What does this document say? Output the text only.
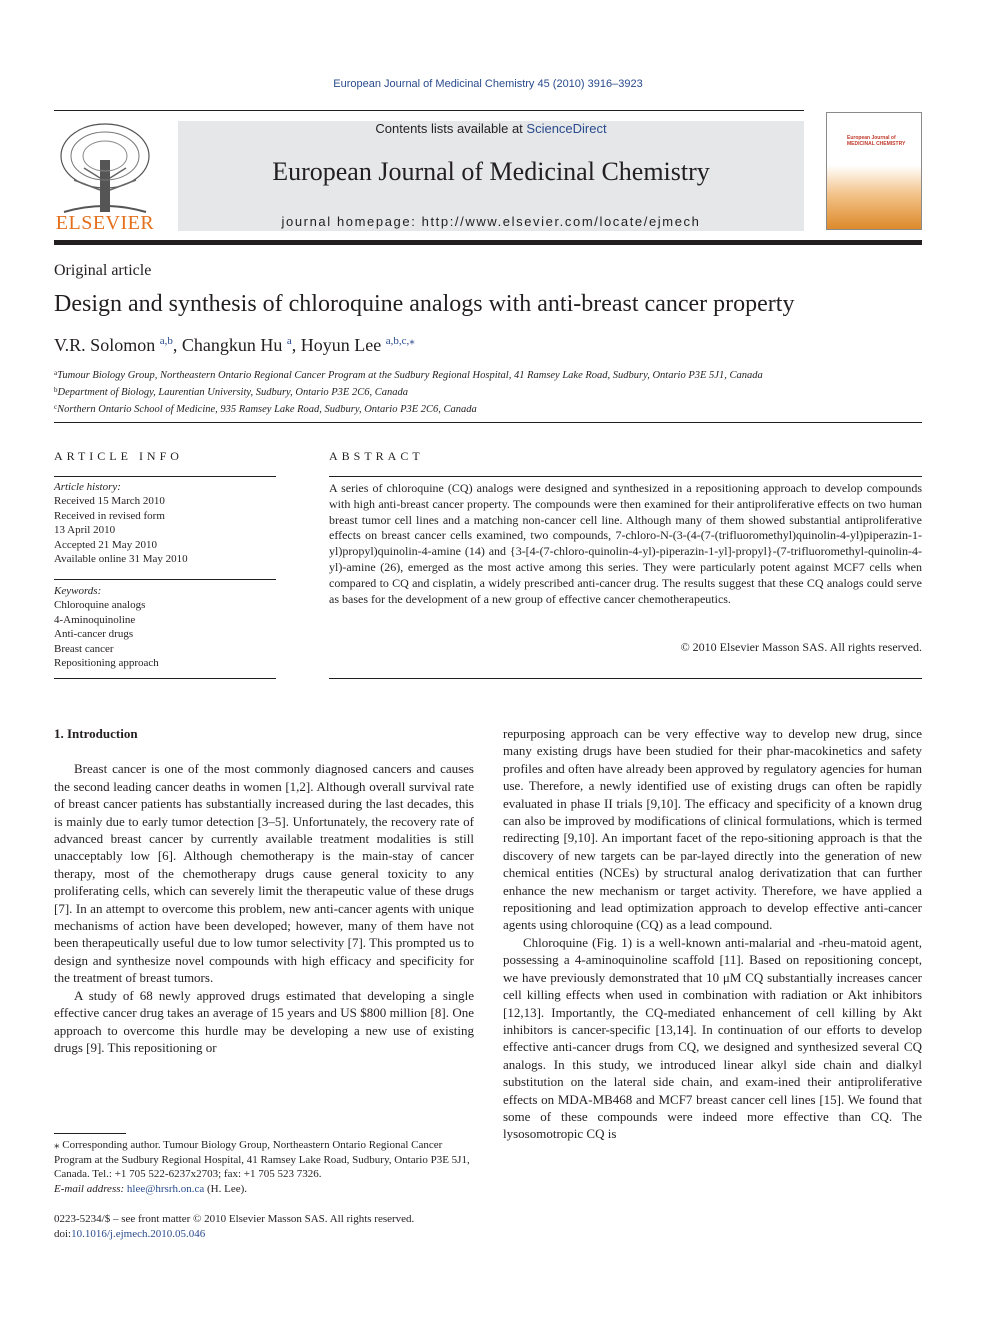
European Journal of Medicinal Chemistry 45 (2010) 3916–3923
ELSEVIER
Contents lists available at ScienceDirect
European Journal of Medicinal Chemistry
journal homepage: http://www.elsevier.com/locate/ejmech
European Journal of MEDICINAL CHEMISTRY
Original article
Design and synthesis of chloroquine analogs with anti-breast cancer property
V.R. Solomon $^{a,b}$, Changkun Hu $^a$, Hoyun Lee $^{a,b,c,⁎}$
$^a$Tumour Biology Group, Northeastern Ontario Regional Cancer Program at the Sudbury Regional Hospital, 41 Ramsey Lake Road, Sudbury, Ontario P3E 5J1, Canada
$^b$Department of Biology, Laurentian University, Sudbury, Ontario P3E 2C6, Canada
$^c$Northern Ontario School of Medicine, 935 Ramsey Lake Road, Sudbury, Ontario P3E 2C6, Canada
ARTICLE INFO	ABSTRACT
Article history:
Received 15 March 2010
Received in revised form
13 April 2010
Accepted 21 May 2010
Available online 31 May 2010
Keywords:
Chloroquine analogs
4-Aminoquinoline
Anti-cancer drugs
Breast cancer
Repositioning approach
A series of chloroquine (CQ) analogs were designed and synthesized in a repositioning approach to develop compounds with high anti-breast cancer property. The compounds were then examined for their antiproliferative effects on two human breast tumor cell lines and a matching non-cancer cell line. Although many of them showed substantial antiproliferative effects on breast cancer cells examined, two compounds, 7-chloro-N-(3-(4-(7-(trifluoromethyl)quinolin-4-yl)piperazin-1-yl)propyl)quinolin-4-amine (14) and {3-[4-(7-chloro-quinolin-4-yl)-piperazin-1-yl]-propyl}-(7-trifluoromethyl-quinolin-4-yl)-amine (26), emerged as the most active among this series. They were particularly potent against MCF7 cells when compared to CQ and cisplatin, a widely prescribed anti-cancer drug. The results suggest that these CQ analogs could serve as bases for the development of a new group of effective cancer chemotherapeutics.
© 2010 Elsevier Masson SAS. All rights reserved.
1. Introduction

Breast cancer is one of the most commonly diagnosed cancers and causes the second leading cancer deaths in women [1,2]. Although overall survival rate of breast cancer patients has substantially increased during the last decades, this is mainly due to early tumor detection [3–5]. Unfortunately, the recovery rate of advanced breast cancer by currently available treatment modalities is still unacceptably low [6]. Although chemotherapy is the main-stay of cancer therapy, most of the chemotherapy drugs cause general toxicity to any proliferating cells, which can severely limit the therapeutic value of these drugs [7]. In an attempt to overcome this problem, new anti-cancer agents with unique mechanisms of action have been developed; however, many of them have not been therapeutically useful due to low tumor selectivity [7]. This prompted us to design and synthesize novel compounds with high efficacy and specificity for the treatment of breast tumors.

A study of 68 newly approved drugs estimated that developing a single effective cancer drug takes an average of 15 years and US $800 million [8]. One approach to overcome this hurdle may be developing a new use of existing drugs [9]. This repositioning or

repurposing approach can be very effective way to develop new drug, since many existing drugs have been studied for their phar-macokinetics and safety profiles and often have already been approved by regulatory agencies for human use. Therefore, a newly identified use of existing drugs can often be rapidly evaluated in phase II trials [9,10]. The efficacy and specificity of a known drug can also be improved by modifications of clinical formulations, which is termed redirecting [9,10]. An important facet of the repo-sitioning approach is that the discovery of new targets can be par-layed directly into the generation of new chemical entities (NCEs) by structural analog derivatization that can further enhance the new mechanism or target activity. Therefore, we have applied a repositioning and lead optimization approach to develop effective anti-cancer agents using chloroquine (CQ) as a lead compound.

Chloroquine (Fig. 1) is a well-known anti-malarial and -rheu-matoid agent, possessing a 4-aminoquinoline scaffold [11]. Based on repositioning concept, we have previously demonstrated that 10 μM CQ substantially increases cancer cell killing effects when used in combination with radiation or Akt inhibitors [12,13]. Importantly, the CQ-mediated enhancement of cell killing by Akt inhibitors is cancer-specific [13,14]. In continuation of our efforts to develop effective anti-cancer drugs from CQ, we designed and synthesized several CQ analogs. In this study, we introduced linear alkyl side chain and dialkyl substitution on the lateral side chain, and exam-ined their antiproliferative effects on MDA-MB468 and MCF7 breast cancer cell lines [15]. We found that some of these compounds were indeed more effective than CQ. The lysosomotropic CQ is

⁎ Corresponding author. Tumour Biology Group, Northeastern Ontario Regional Cancer Program at the Sudbury Regional Hospital, 41 Ramsey Lake Road, Sudbury, Ontario P3E 5J1, Canada. Tel.: +1 705 522-6237x2703; fax: +1 705 523 7326.
E-mail address: hlee@hrsrh.on.ca (H. Lee).
0223-5234/$ – see front matter © 2010 Elsevier Masson SAS. All rights reserved.
doi:10.1016/j.ejmech.2010.05.046
